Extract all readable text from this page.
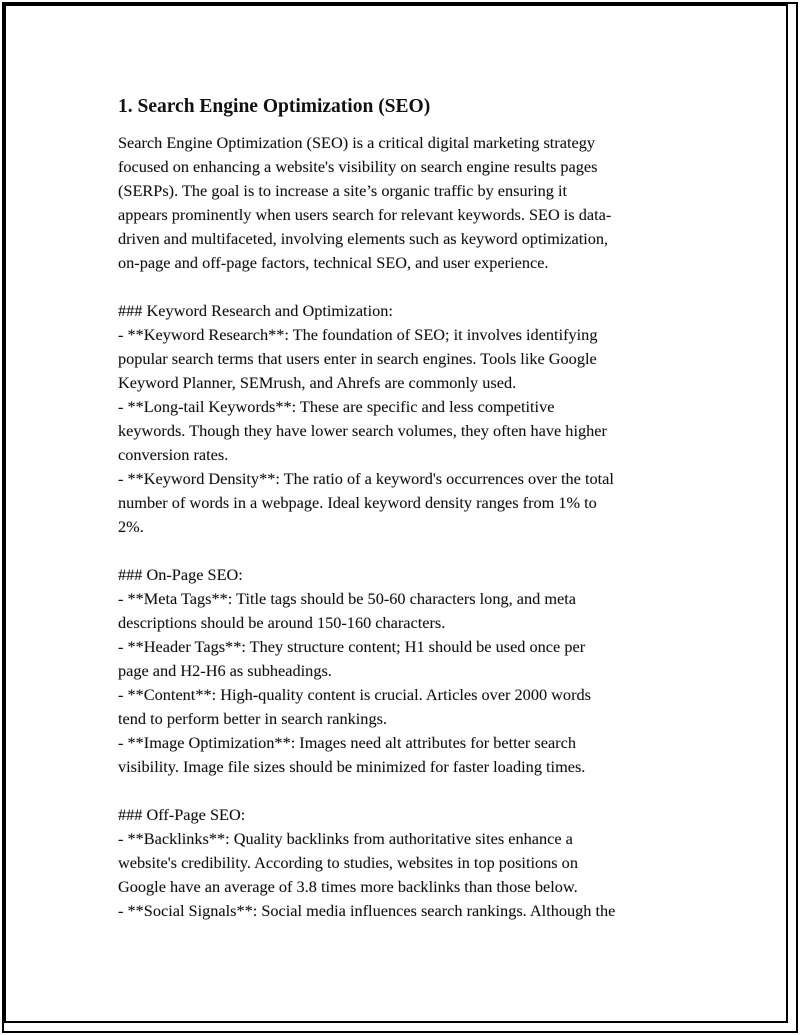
1. Search Engine Optimization (SEO)
Search Engine Optimization (SEO) is a critical digital marketing strategy
focused on enhancing a website's visibility on search engine results pages
(SERPs). The goal is to increase a site’s organic traffic by ensuring it
appears prominently when users search for relevant keywords. SEO is data-
driven and multifaceted, involving elements such as keyword optimization,
on-page and off-page factors, technical SEO, and user experience.
### Keyword Research and Optimization:
- **Keyword Research**: The foundation of SEO; it involves identifying
popular search terms that users enter in search engines. Tools like Google
Keyword Planner, SEMrush, and Ahrefs are commonly used.
- **Long-tail Keywords**: These are specific and less competitive
keywords. Though they have lower search volumes, they often have higher
conversion rates.
- **Keyword Density**: The ratio of a keyword's occurrences over the total
number of words in a webpage. Ideal keyword density ranges from 1% to
2%.
### On-Page SEO:
- **Meta Tags**: Title tags should be 50-60 characters long, and meta
descriptions should be around 150-160 characters.
- **Header Tags**: They structure content; H1 should be used once per
page and H2-H6 as subheadings.
- **Content**: High-quality content is crucial. Articles over 2000 words
tend to perform better in search rankings.
- **Image Optimization**: Images need alt attributes for better search
visibility. Image file sizes should be minimized for faster loading times.
### Off-Page SEO:
- **Backlinks**: Quality backlinks from authoritative sites enhance a
website's credibility. According to studies, websites in top positions on
Google have an average of 3.8 times more backlinks than those below.
- **Social Signals**: Social media influences search rankings. Although the
